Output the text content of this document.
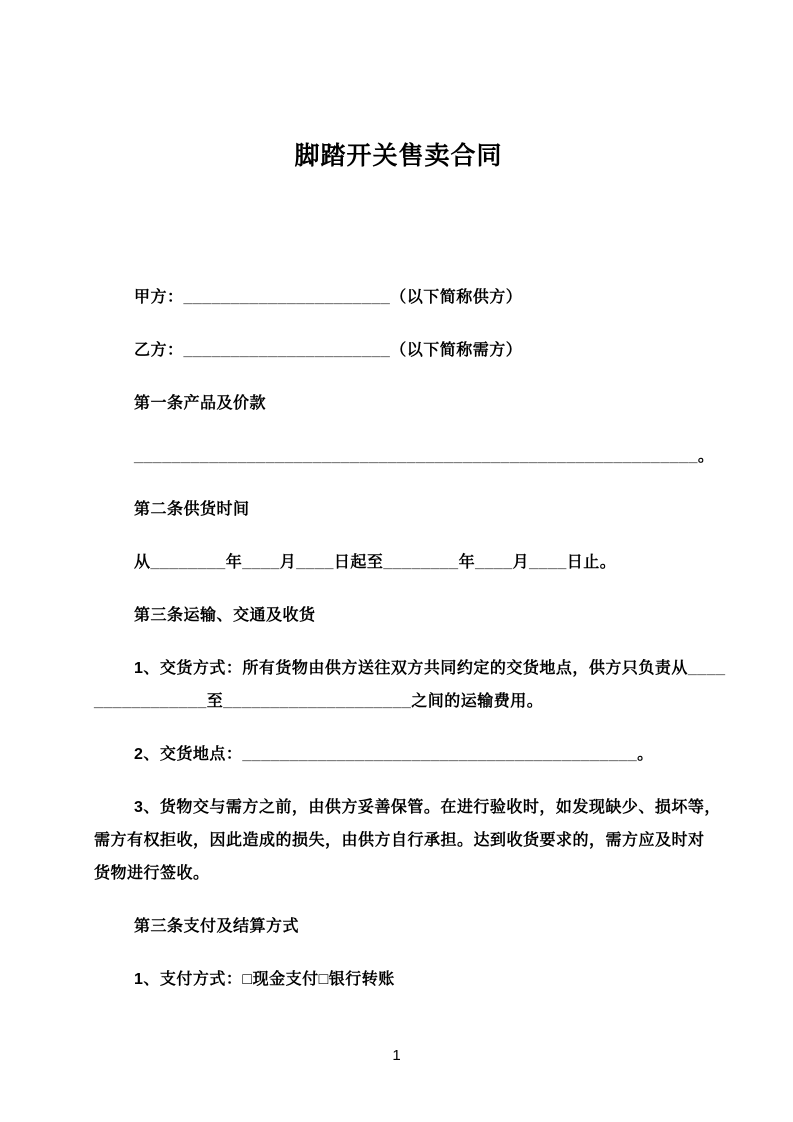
脚踏开关售卖合同
甲方：______________________（以下简称供方）
乙方：______________________（以下简称需方）
第一条产品及价款
____________________________________________________________。
第二条供货时间
从________年____月____日起至________年____月____日止。
第三条运输、交通及收货
1、交货方式：所有货物由供方送往双方共同约定的交货地点，供方只负责从____
____________至____________________之间的运输费用。
2、交货地点：__________________________________________。
3、货物交与需方之前，由供方妥善保管。在进行验收时，如发现缺少、损坏等，
需方有权拒收，因此造成的损失，由供方自行承担。达到收货要求的，需方应及时对
货物进行签收。
第三条支付及结算方式
1、支付方式：□现金支付□银行转账
1
